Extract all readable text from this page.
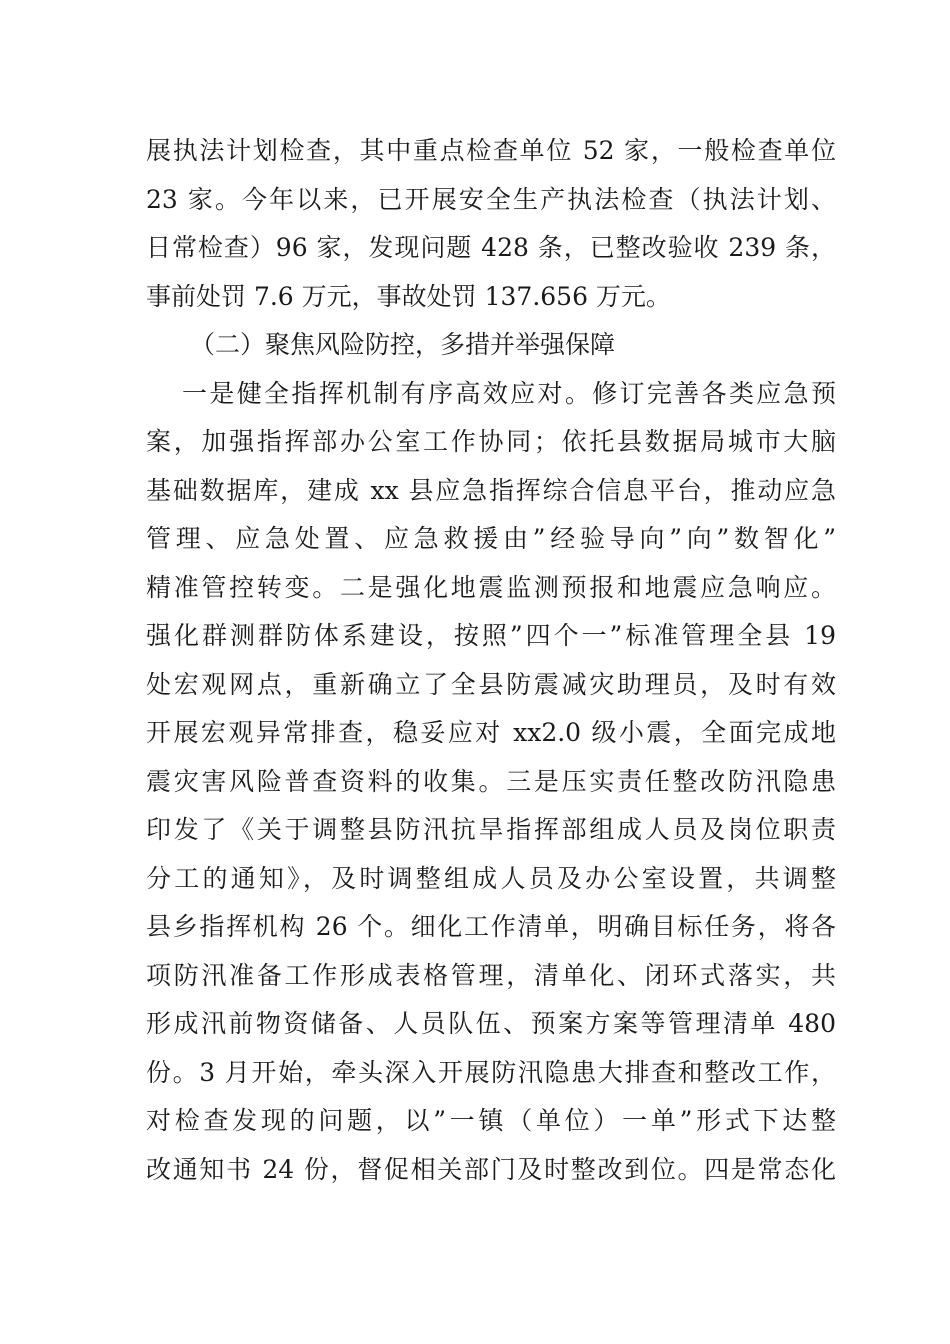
展执法计划检查，其中重点检查单位 52 家，一般检查单位
23 家。今年以来，已开展安全生产执法检查（执法计划、
日常检查）96 家，发现问题 428 条，已整改验收 239 条，
事前处罚 7.6 万元，事故处罚 137.656 万元。
（二）聚焦风险防控，多措并举强保障
一是健全指挥机制有序高效应对。修订完善各类应急预
案，加强指挥部办公室工作协同；依托县数据局城市大脑
基础数据库，建成 xx 县应急指挥综合信息平台，推动应急
管理、应急处置、应急救援由”经验导向”向”数智化”
精准管控转变。二是强化地震监测预报和地震应急响应。
强化群测群防体系建设，按照”四个一”标准管理全县 19
处宏观网点，重新确立了全县防震减灾助理员，及时有效
开展宏观异常排查，稳妥应对 xx2.0 级小震，全面完成地
震灾害风险普查资料的收集。三是压实责任整改防汛隐患
印发了《关于调整县防汛抗旱指挥部组成人员及岗位职责
分工的通知》，及时调整组成人员及办公室设置，共调整
县乡指挥机构 26 个。细化工作清单，明确目标任务，将各
项防汛准备工作形成表格管理，清单化、闭环式落实，共
形成汛前物资储备、人员队伍、预案方案等管理清单 480
份。3 月开始，牵头深入开展防汛隐患大排查和整改工作，
对检查发现的问题，以”一镇（单位）一单”形式下达整
改通知书 24 份，督促相关部门及时整改到位。四是常态化
